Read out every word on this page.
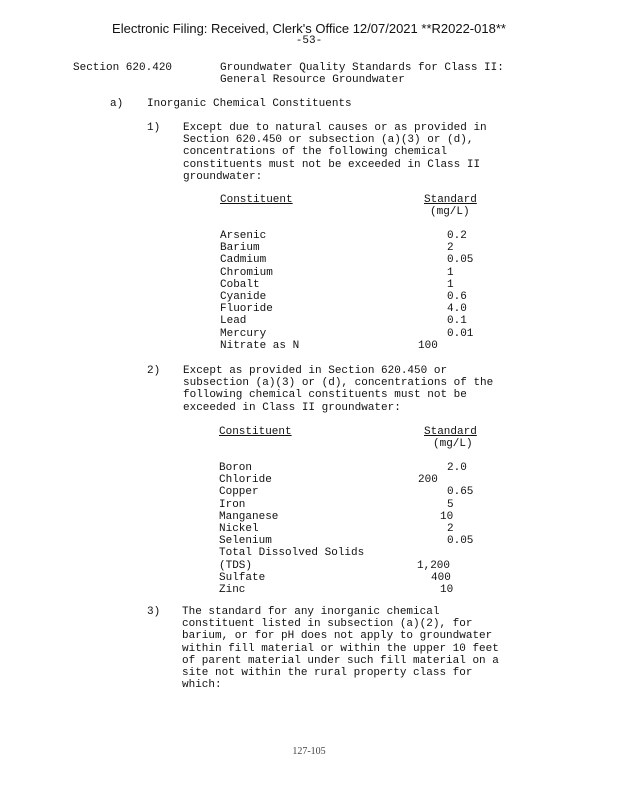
Electronic Filing: Received, Clerk's Office 12/07/2021 **R2022-018**
-53-
Section 620.420	Groundwater Quality Standards for Class II:
General Resource Groundwater
a) Inorganic Chemical Constituents
1) Except due to natural causes or as provided in
Section 620.450 or subsection (a)(3) or (d),
concentrations of the following chemical
constituents must not be exceeded in Class II
groundwater:
Constituent	Standard
(mg/L)
Arsenic	0.2
Barium	2
Cadmium	0.05
Chromium	1
Cobalt	1
Cyanide	0.6
Fluoride	4.0
Lead	0.1
Mercury	0.01
Nitrate as N	100
2) Except as provided in Section 620.450 or
subsection (a)(3) or (d), concentrations of the
following chemical constituents must not be
exceeded in Class II groundwater:
Constituent	Standard
(mg/L)
Boron	2.0
Chloride	200
Copper	0.65
Iron	5
Manganese	10
Nickel	2
Selenium	0.05
Total Dissolved Solids
(TDS)	1,200
Sulfate	400
Zinc	10
3) The standard for any inorganic chemical
constituent listed in subsection (a)(2), for
barium, or for pH does not apply to groundwater
within fill material or within the upper 10 feet
of parent material under such fill material on a
site not within the rural property class for
which:
127-105
